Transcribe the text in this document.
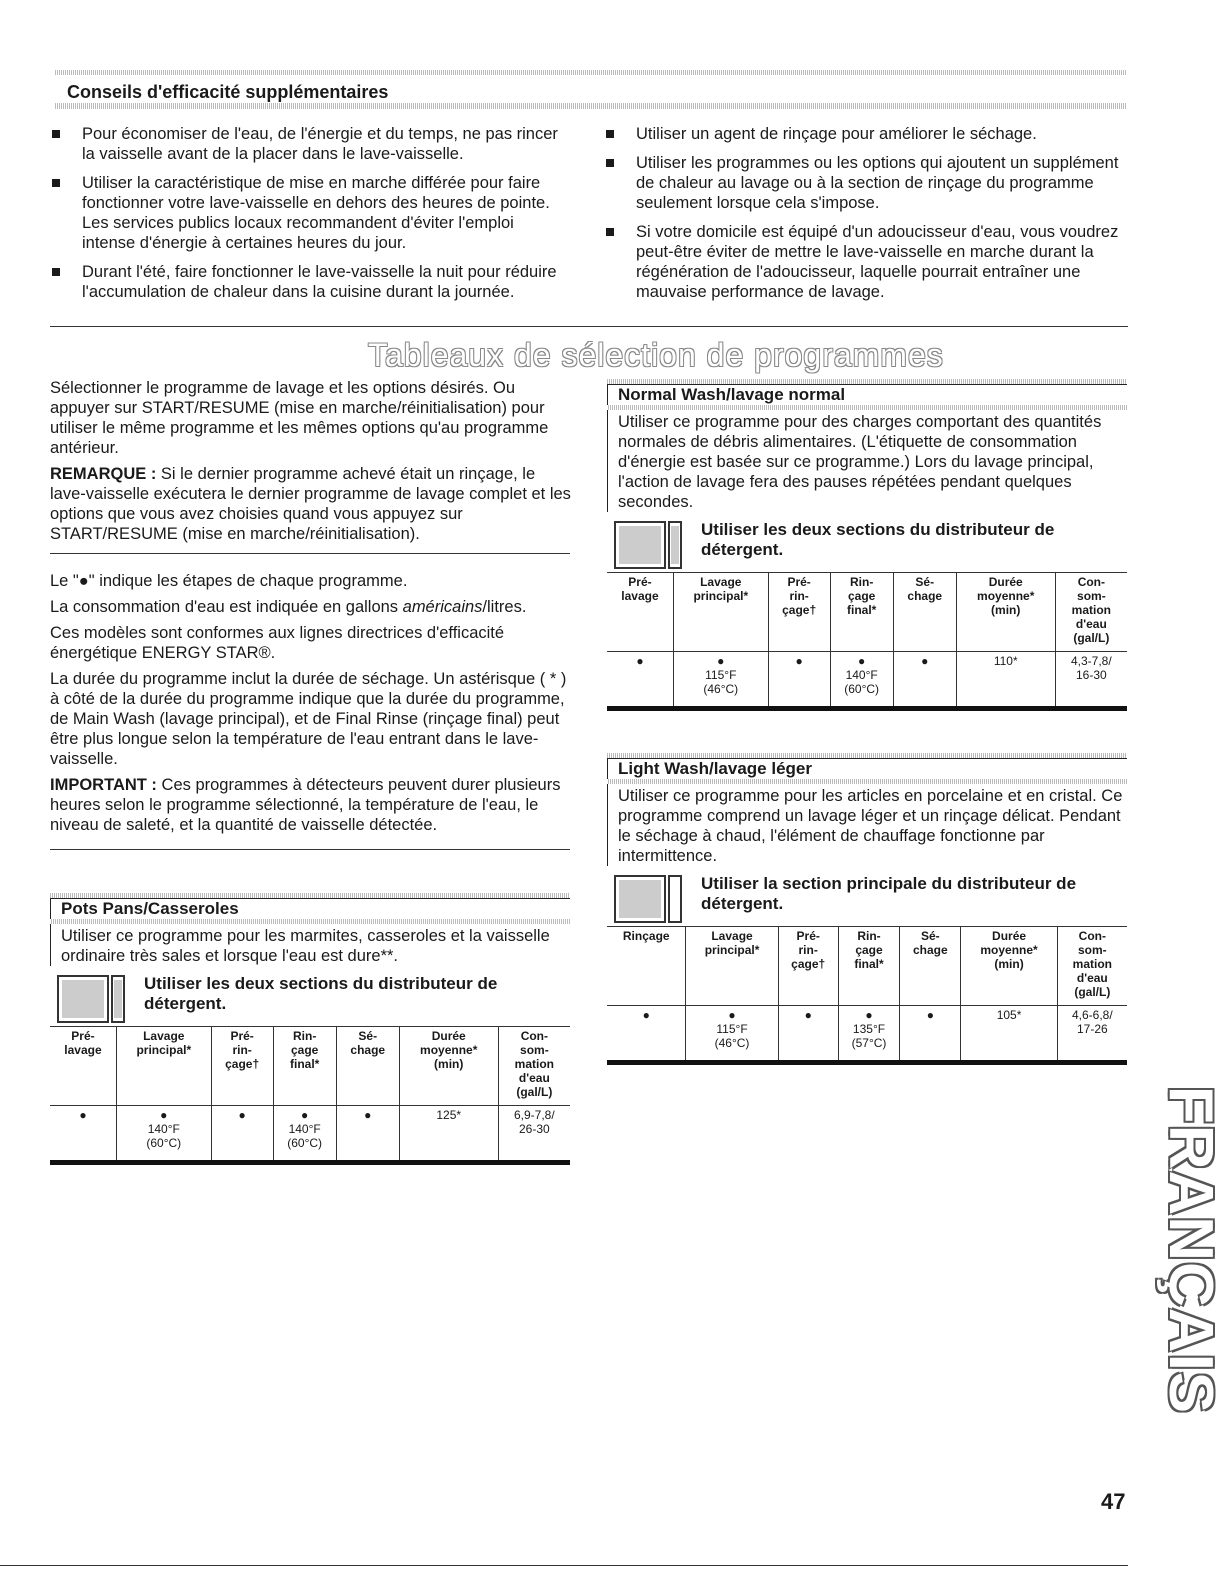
Conseils d'efficacité supplémentaires
Pour économiser de l'eau, de l'énergie et du temps, ne pas rincer la vaisselle avant de la placer dans le lave-vaisselle.
Utiliser la caractéristique de mise en marche différée pour faire fonctionner votre lave-vaisselle en dehors des heures de pointe. Les services publics locaux recommandent d'éviter l'emploi intense d'énergie à certaines heures du jour.
Durant l'été, faire fonctionner le lave-vaisselle la nuit pour réduire l'accumulation de chaleur dans la cuisine durant la journée.
Utiliser un agent de rinçage pour améliorer le séchage.
Utiliser les programmes ou les options qui ajoutent un supplément de chaleur au lavage ou à la section de rinçage du programme seulement lorsque cela s'impose.
Si votre domicile est équipé d'un adoucisseur d'eau, vous voudrez peut-être éviter de mettre le lave-vaisselle en marche durant la régénération de l'adoucisseur, laquelle pourrait entraîner une mauvaise performance de lavage.
Tableaux de sélection de programmes

Sélectionner le programme de lavage et les options désirés. Ou appuyer sur START/RESUME (mise en marche/réinitialisation) pour utiliser le même programme et les mêmes options qu'au programme antérieur.

REMARQUE : Si le dernier programme achevé était un rinçage, le lave-vaisselle exécutera le dernier programme de lavage complet et les options que vous avez choisies quand vous appuyez sur START/RESUME (mise en marche/réinitialisation).

Le "●" indique les étapes de chaque programme.

La consommation d'eau est indiquée en gallons américains/litres.

Ces modèles sont conformes aux lignes directrices d'efficacité énergétique ENERGY STAR®.

La durée du programme inclut la durée de séchage. Un astérisque ( * ) à côté de la durée du programme indique que la durée du programme, de Main Wash (lavage principal), et de Final Rinse (rinçage final) peut être plus longue selon la température de l'eau entrant dans le lave-vaisselle.

IMPORTANT : Ces programmes à détecteurs peuvent durer plusieurs heures selon le programme sélectionné, la température de l'eau, le niveau de saleté, et la quantité de vaisselle détectée.

Pots Pans/Casseroles
Utiliser ce programme pour les marmites, casseroles et la vaisselle ordinaire très sales et lorsque l'eau est dure**.
Utiliser les deux sections du distributeur de détergent.
Pré-
lavage	Lavage
principal*	Pré-
rin-
çage†	Rin-
çage
final*	Sé-
chage	Durée
moyenne*
(min)	Con-
som-
mation
d'eau
(gal/L)
●	●
140°F
(60°C)	●	●
140°F
(60°C)	●	125*	6,9-7,8/
26-30
Normal Wash/lavage normal
Utiliser ce programme pour des charges comportant des quantités normales de débris alimentaires. (L'étiquette de consommation d'énergie est basée sur ce programme.) Lors du lavage principal, l'action de lavage fera des pauses répétées pendant quelques secondes.
Utiliser les deux sections du distributeur de détergent.
Pré-
lavage	Lavage
principal*	Pré-
rin-
çage†	Rin-
çage
final*	Sé-
chage	Durée
moyenne*
(min)	Con-
som-
mation
d'eau
(gal/L)
●	●
115°F
(46°C)	●	●
140°F
(60°C)	●	110*	4,3-7,8/
16-30
Light Wash/lavage léger
Utiliser ce programme pour les articles en porcelaine et en cristal. Ce programme comprend un lavage léger et un rinçage délicat. Pendant le séchage à chaud, l'élément de chauffage fonctionne par intermittence.
Utiliser la section principale du distributeur de détergent.
Rinçage	Lavage
principal*	Pré-
rin-
çage†	Rin-
çage
final*	Sé-
chage	Durée
moyenne*
(min)	Con-
som-
mation
d'eau
(gal/L)
●	●
115°F
(46°C)	●	●
135°F
(57°C)	●	105*	4,6-6,8/
17-26
FRANÇAIS
47
